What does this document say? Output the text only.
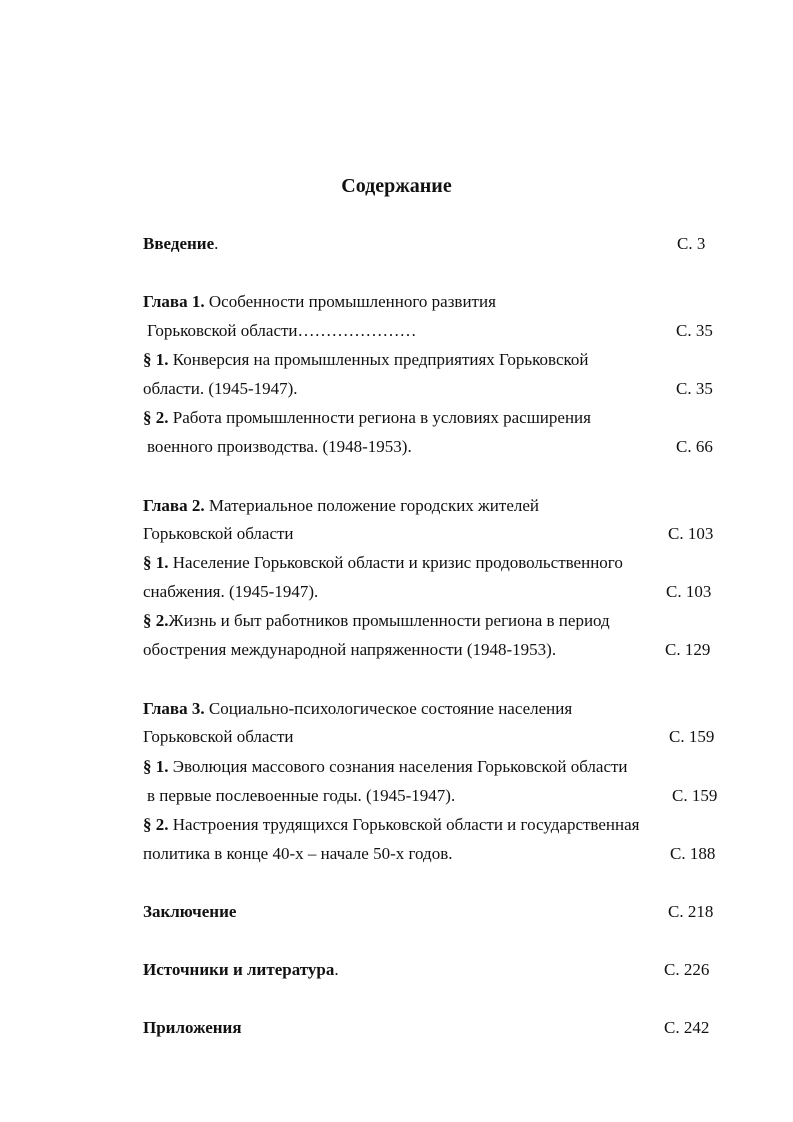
Содержание
Введение.	С. 3
Глава 1. Особенности промышленного развития
Горьковской области…………………	С. 35
§ 1. Конверсия на промышленных предприятиях Горьковской
области. (1945-1947).	С. 35
§ 2. Работа промышленности региона в условиях расширения
военного производства. (1948-1953).	С. 66
Глава 2. Материальное положение городских жителей
Горьковской области	С. 103
§ 1. Население Горьковской области и кризис продовольственного
снабжения. (1945-1947).	С. 103
§ 2.Жизнь и быт работников промышленности региона в период
обострения международной напряженности (1948-1953).	С. 129
Глава 3. Социально-психологическое состояние населения
Горьковской области	С. 159
§ 1. Эволюция массового сознания населения Горьковской области
в первые послевоенные годы. (1945-1947).	С. 159
§ 2. Настроения трудящихся Горьковской области и государственная
политика в конце 40-х – начале 50-х годов.	С. 188
Заключение	С. 218
Источники и литература.	С. 226
Приложения	С. 242
